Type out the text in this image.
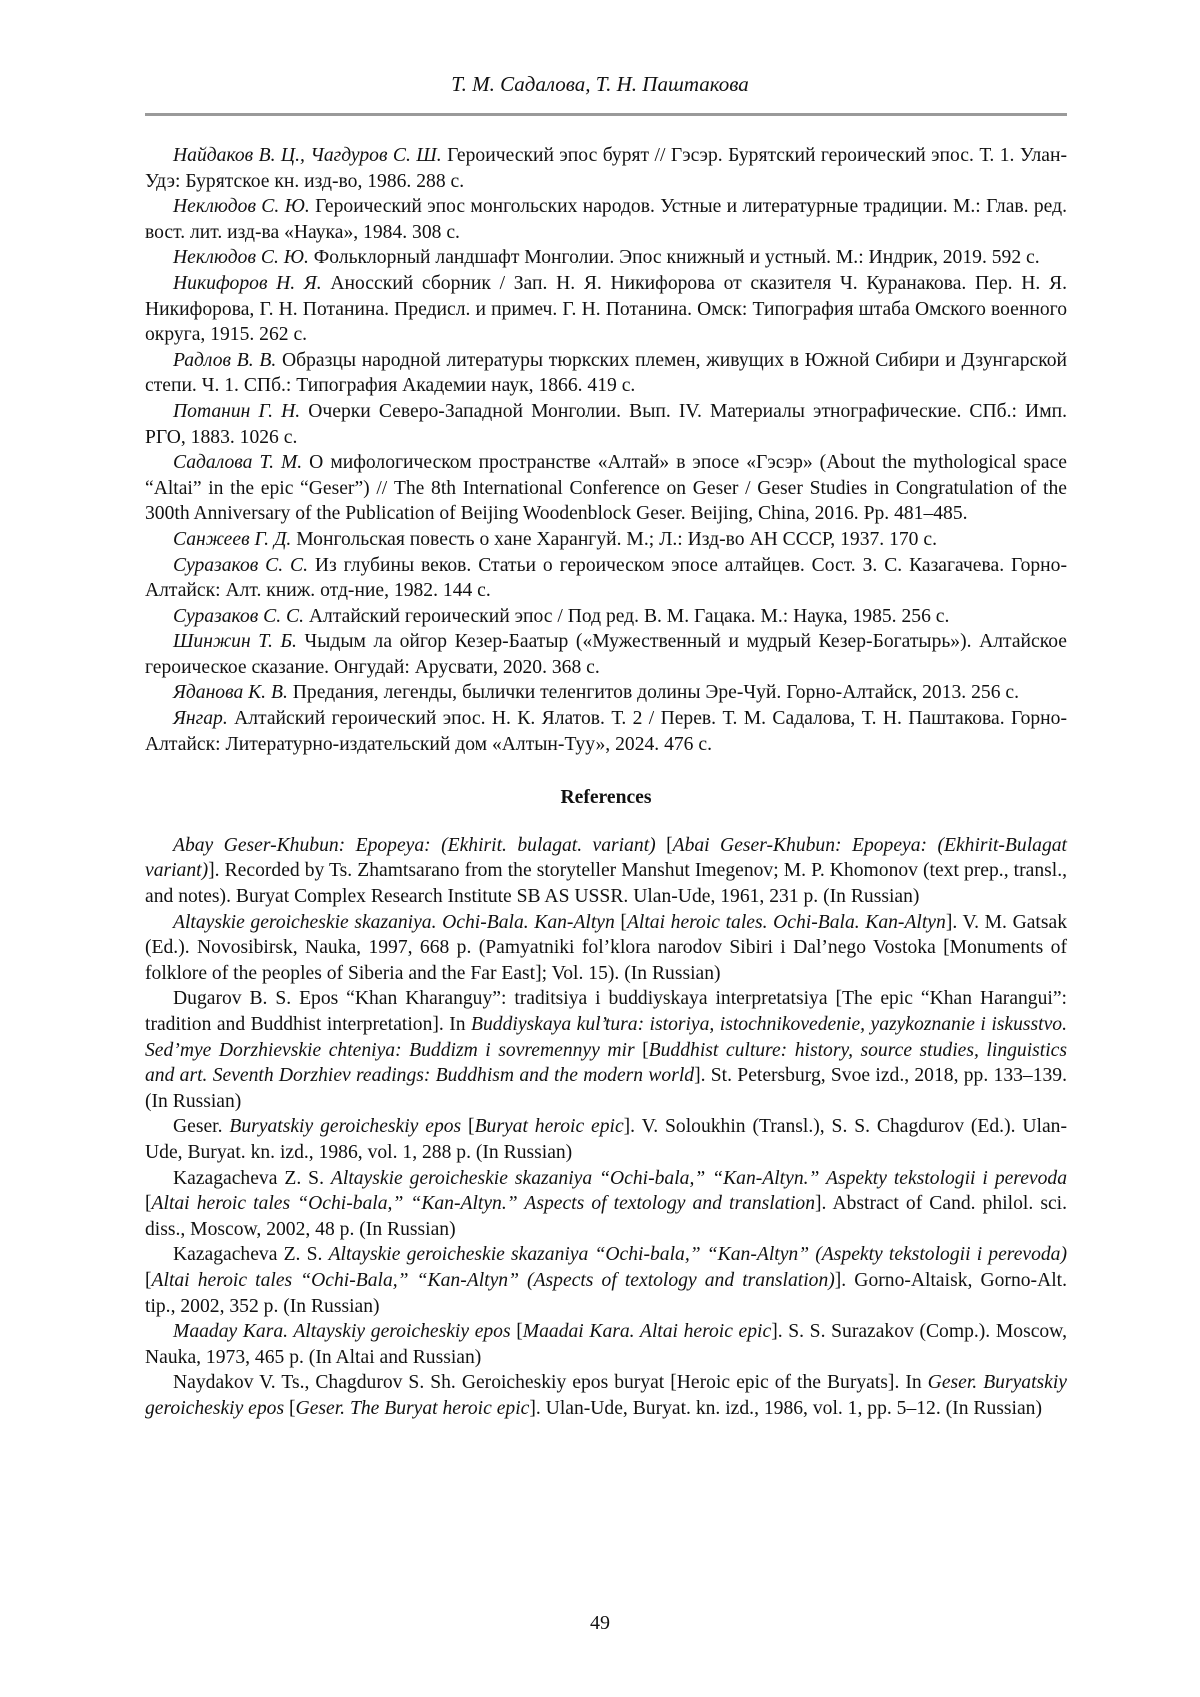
Т. М. Садалова, Т. Н. Паштакова

Найдаков В. Ц., Чагдуров С. Ш. Героический эпос бурят // Гэсэр. Бурятский героический эпос. Т. 1. Улан-Удэ: Бурятское кн. изд-во, 1986. 288 с.

Неклюдов С. Ю. Героический эпос монгольских народов. Устные и литературные традиции. М.: Глав. ред. вост. лит. изд-ва «Наука», 1984. 308 с.

Неклюдов С. Ю. Фольклорный ландшафт Монголии. Эпос книжный и устный. М.: Индрик, 2019. 592 с.

Никифоров Н. Я. Аносский сборник / Зап. Н. Я. Никифорова от сказителя Ч. Куранакова. Пер. Н. Я. Никифорова, Г. Н. Потанина. Предисл. и примеч. Г. Н. Потанина. Омск: Типография штаба Омского военного округа, 1915. 262 с.

Радлов В. В. Образцы народной литературы тюркских племен, живущих в Южной Сибири и Дзунгарской степи. Ч. 1. СПб.: Типография Академии наук, 1866. 419 с.

Потанин Г. Н. Очерки Северо-Западной Монголии. Вып. IV. Материалы этнографические. СПб.: Имп. РГО, 1883. 1026 с.

Садалова Т. М. О мифологическом пространстве «Алтай» в эпосе «Гэсэр» (About the mythological space “Altai” in the epic “Geser”) // The 8th International Conference on Geser / Geser Studies in Congratulation of the 300th Anniversary of the Publication of Beijing Woodenblock Geser. Beijing, China, 2016. Pp. 481–485.

Санжеев Г. Д. Монгольская повесть о хане Харангуй. М.; Л.: Изд-во АН СССР, 1937. 170 с.

Суразаков С. С. Из глубины веков. Статьи о героическом эпосе алтайцев. Сост. З. С. Казагачева. Горно-Алтайск: Алт. книж. отд-ние, 1982. 144 с.

Суразаков С. С. Алтайский героический эпос / Под ред. В. М. Гацака. М.: Наука, 1985. 256 с.

Шинжин Т. Б. Чыдым ла ойгор Кезер-Баатыр («Мужественный и мудрый Кезер-Богатырь»). Алтайское героическое сказание. Онгудай: Арусвати, 2020. 368 с.

Яданова К. В. Предания, легенды, былички теленгитов долины Эре-Чуй. Горно-Алтайск, 2013. 256 с.

Янгар. Алтайский героический эпос. Н. К. Ялатов. Т. 2 / Перев. Т. М. Садалова, Т. Н. Паштакова. Горно-Алтайск: Литературно-издательский дом «Алтын-Туу», 2024. 476 с.

References

Abay Geser-Khubun: Epopeya: (Ekhirit. bulagat. variant) [Abai Geser-Khubun: Epopeya: (Ekhirit-Bulagat variant)]. Recorded by Ts. Zhamtsarano from the storyteller Manshut Imegenov; M. P. Khomonov (text prep., transl., and notes). Buryat Complex Research Institute SB AS USSR. Ulan-Ude, 1961, 231 p. (In Russian)

Altayskie geroicheskie skazaniya. Ochi-Bala. Kan-Altyn [Altai heroic tales. Ochi-Bala. Kan-Altyn]. V. M. Gatsak (Ed.). Novosibirsk, Nauka, 1997, 668 p. (Pamyatniki fol’klora narodov Sibiri i Dal’nego Vostoka [Monuments of folklore of the peoples of Siberia and the Far East]; Vol. 15). (In Russian)

Dugarov B. S. Epos “Khan Kharanguy”: traditsiya i buddiyskaya interpretatsiya [The epic “Khan Harangui”: tradition and Buddhist interpretation]. In Buddiyskaya kul’tura: istoriya, istochnikovedenie, yazykoznanie i iskusstvo. Sed’mye Dorzhievskie chteniya: Buddizm i sovremennyy mir [Buddhist culture: history, source studies, linguistics and art. Seventh Dorzhiev readings: Buddhism and the modern world]. St. Petersburg, Svoe izd., 2018, pp. 133–139. (In Russian)

Geser. Buryatskiy geroicheskiy epos [Buryat heroic epic]. V. Soloukhin (Transl.), S. S. Chagdurov (Ed.). Ulan-Ude, Buryat. kn. izd., 1986, vol. 1, 288 p. (In Russian)

Kazagacheva Z. S. Altayskie geroicheskie skazaniya “Ochi-bala,” “Kan-Altyn.” Aspekty tekstologii i perevoda [Altai heroic tales “Ochi-bala,” “Kan-Altyn.” Aspects of textology and translation]. Abstract of Cand. philol. sci. diss., Moscow, 2002, 48 p. (In Russian)

Kazagacheva Z. S. Altayskie geroicheskie skazaniya “Ochi-bala,” “Kan-Altyn” (Aspekty tekstologii i perevoda) [Altai heroic tales “Ochi-Bala,” “Kan-Altyn” (Aspects of textology and translation)]. Gorno-Altaisk, Gorno-Alt. tip., 2002, 352 p. (In Russian)

Maaday Kara. Altayskiy geroicheskiy epos [Maadai Kara. Altai heroic epic]. S. S. Surazakov (Comp.). Moscow, Nauka, 1973, 465 p. (In Altai and Russian)

Naydakov V. Ts., Chagdurov S. Sh. Geroicheskiy epos buryat [Heroic epic of the Buryats]. In Geser. Buryatskiy geroicheskiy epos [Geser. The Buryat heroic epic]. Ulan-Ude, Buryat. kn. izd., 1986, vol. 1, pp. 5–12. (In Russian)

49
